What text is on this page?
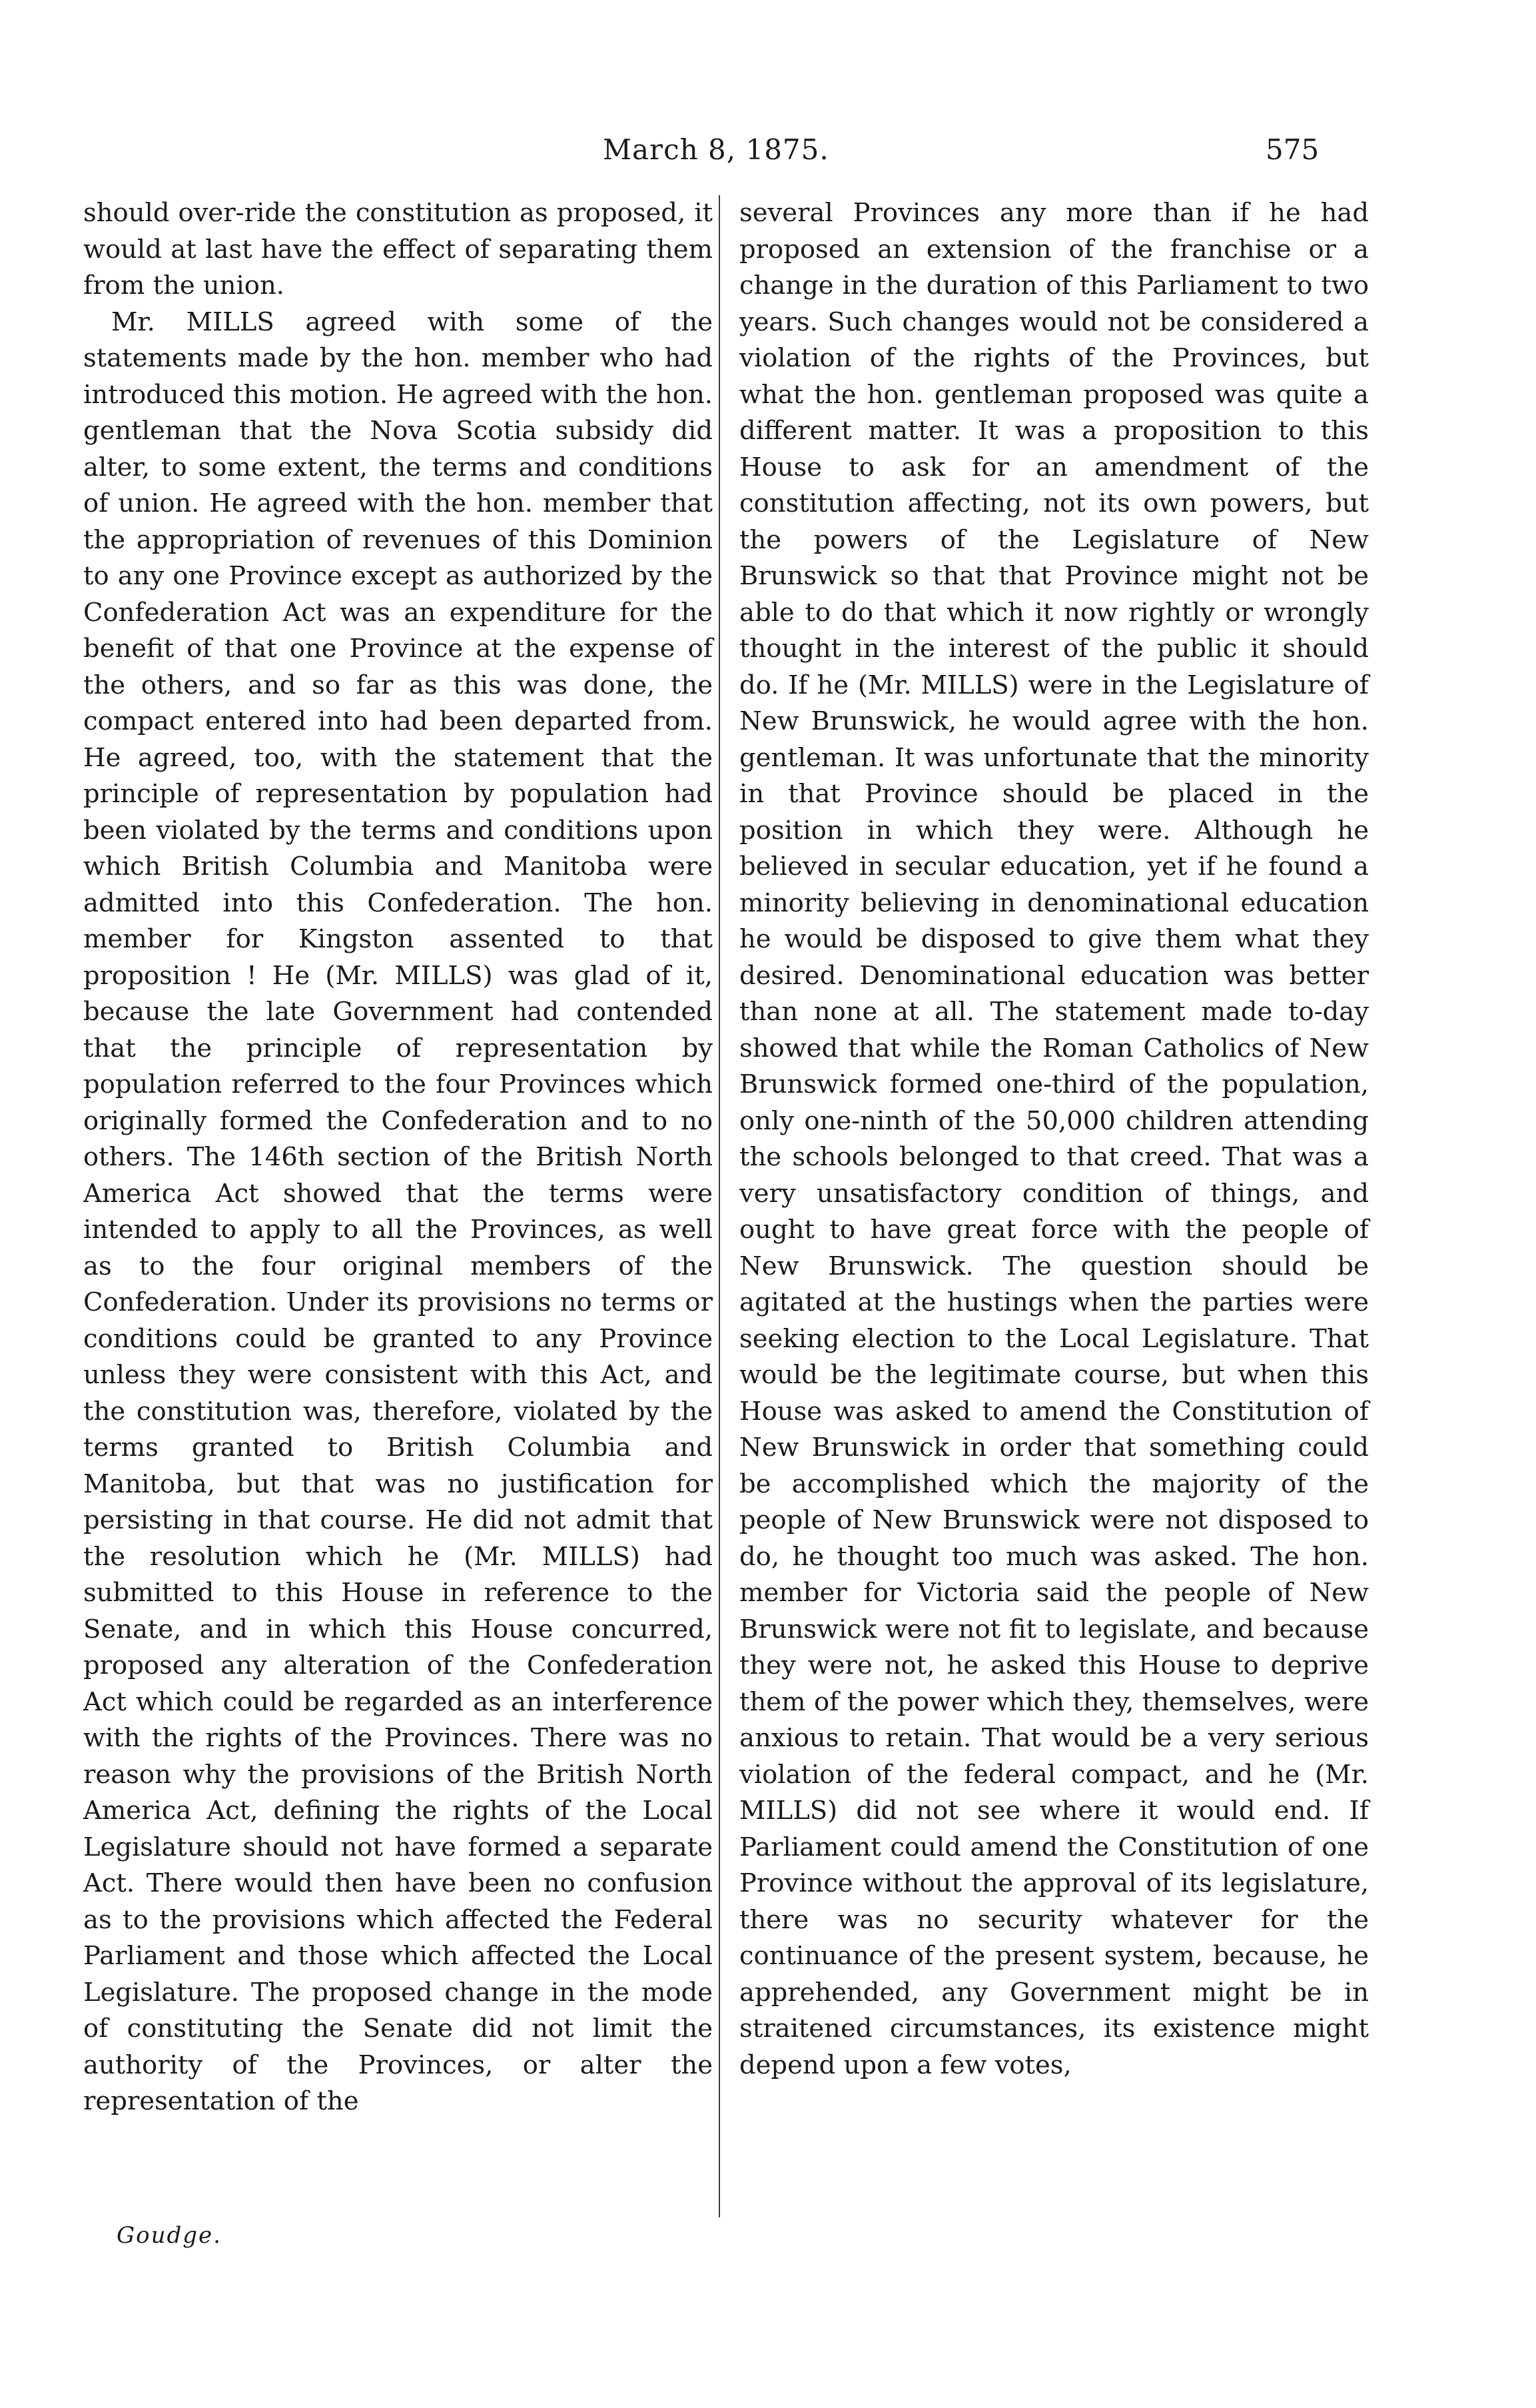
March 8, 1875.	575

should over-ride the constitution as proposed, it would at last have the effect of separating them from the union.

Mr. MILLS agreed with some of the statements made by the hon. member who had introduced this motion. He agreed with the hon. gentleman that the Nova Scotia subsidy did alter, to some extent, the terms and conditions of union. He agreed with the hon. member that the appropriation of revenues of this Dominion to any one Province except as authorized by the Confederation Act was an expenditure for the benefit of that one Province at the expense of the others, and so far as this was done, the compact entered into had been departed from. He agreed, too, with the statement that the principle of representation by population had been violated by the terms and conditions upon which British Columbia and Manitoba were admitted into this Confederation. The hon. member for Kingston assented to that proposition ! He (Mr. MILLS) was glad of it, because the late Government had contended that the principle of representation by population referred to the four Provinces which originally formed the Confederation and to no others. The 146th section of the British North America Act showed that the terms were intended to apply to all the Provinces, as well as to the four original members of the Confederation. Under its provisions no terms or conditions could be granted to any Province unless they were consistent with this Act, and the constitution was, therefore, violated by the terms granted to British Columbia and Manitoba, but that was no justification for persisting in that course. He did not admit that the resolution which he (Mr. MILLS) had submitted to this House in reference to the Senate, and in which this House concurred, proposed any alteration of the Confederation Act which could be regarded as an interference with the rights of the Provinces. There was no reason why the provisions of the British North America Act, defining the rights of the Local Legislature should not have formed a separate Act. There would then have been no confusion as to the provisions which affected the Federal Parliament and those which affected the Local Legislature. The proposed change in the mode of constituting the Senate did not limit the authority of the Provinces, or alter the representation of the

several Provinces any more than if he had proposed an extension of the franchise or a change in the duration of this Parliament to two years. Such changes would not be considered a violation of the rights of the Provinces, but what the hon. gentleman proposed was quite a different matter. It was a proposition to this House to ask for an amendment of the constitution affecting, not its own powers, but the powers of the Legislature of New Brunswick so that that Province might not be able to do that which it now rightly or wrongly thought in the interest of the public it should do. If he (Mr. MILLS) were in the Legislature of New Brunswick, he would agree with the hon. gentleman. It was unfortunate that the minority in that Province should be placed in the position in which they were. Although he believed in secular education, yet if he found a minority believing in denominational education he would be disposed to give them what they desired. Denominational education was better than none at all. The statement made to-day showed that while the Roman Catholics of New Brunswick formed one-third of the population, only one-ninth of the 50,000 children attending the schools belonged to that creed. That was a very unsatisfactory condition of things, and ought to have great force with the people of New Brunswick. The question should be agitated at the hustings when the parties were seeking election to the Local Legislature. That would be the legitimate course, but when this House was asked to amend the Constitution of New Brunswick in order that something could be accomplished which the majority of the people of New Brunswick were not disposed to do, he thought too much was asked. The hon. member for Victoria said the people of New Brunswick were not fit to legislate, and because they were not, he asked this House to deprive them of the power which they, themselves, were anxious to retain. That would be a very serious violation of the federal compact, and he (Mr. MILLS) did not see where it would end. If Parliament could amend the Constitution of one Province without the approval of its legislature, there was no security whatever for the continuance of the present system, because, he apprehended, any Government might be in straitened circumstances, its existence might depend upon a few votes,

Goudge.
